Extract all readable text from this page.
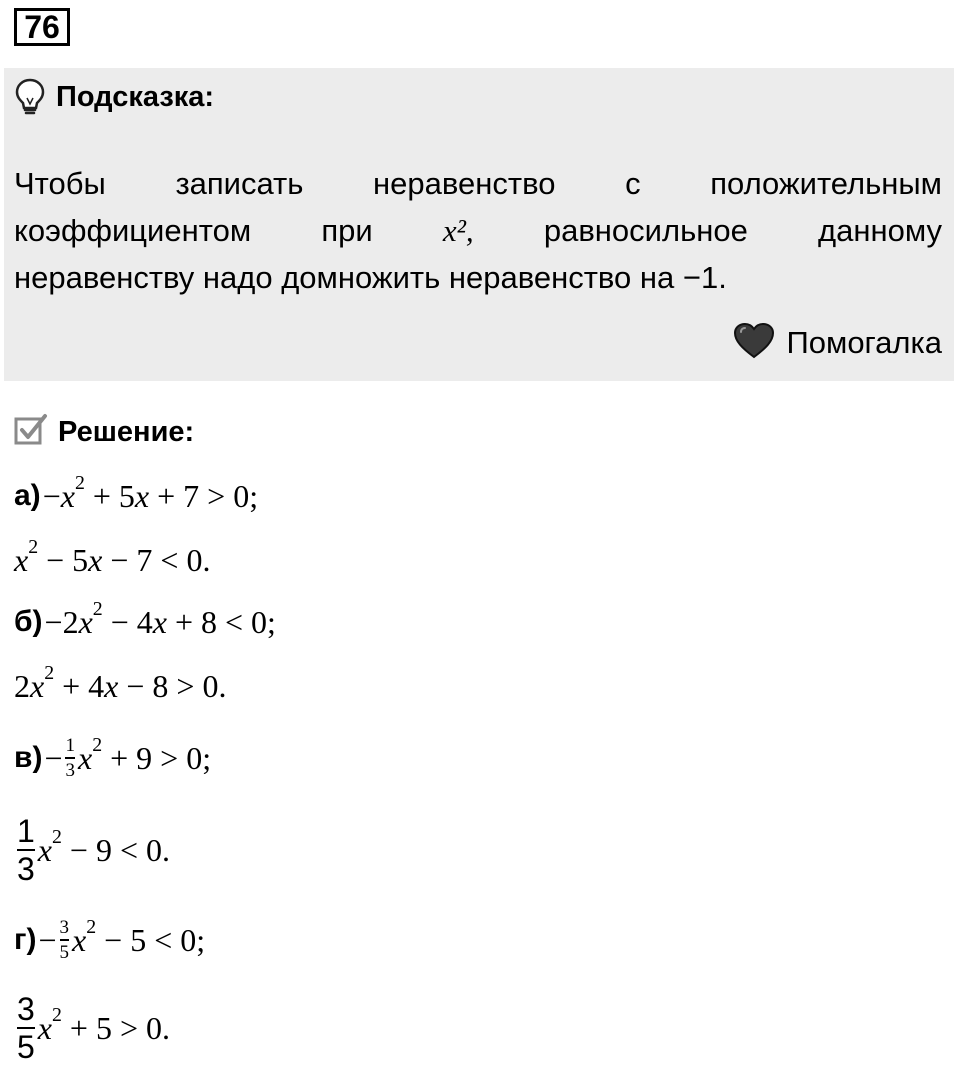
76
Подсказка:
Чтобы записать неравенство с положительным
коэффициентом при x², равносильное данному
неравенству надо домножить неравенство на −1.
Помогалка
Решение:
$а) -x^2 + 5x + 7 > 0$;
$x^2 - 5x - 7 < 0$.
$б) -2x^2 - 4x + 8 < 0$;
$2x^2 + 4x - 8 > 0$.
$в) - \frac{1}{3} x^2 + 9 > 0$;
$\frac{1}{3} x^2 - 9 < 0$.
$г) - \frac{3}{5} x^2 - 5 < 0$;
$\frac{3}{5} x^2 + 5 > 0$.
